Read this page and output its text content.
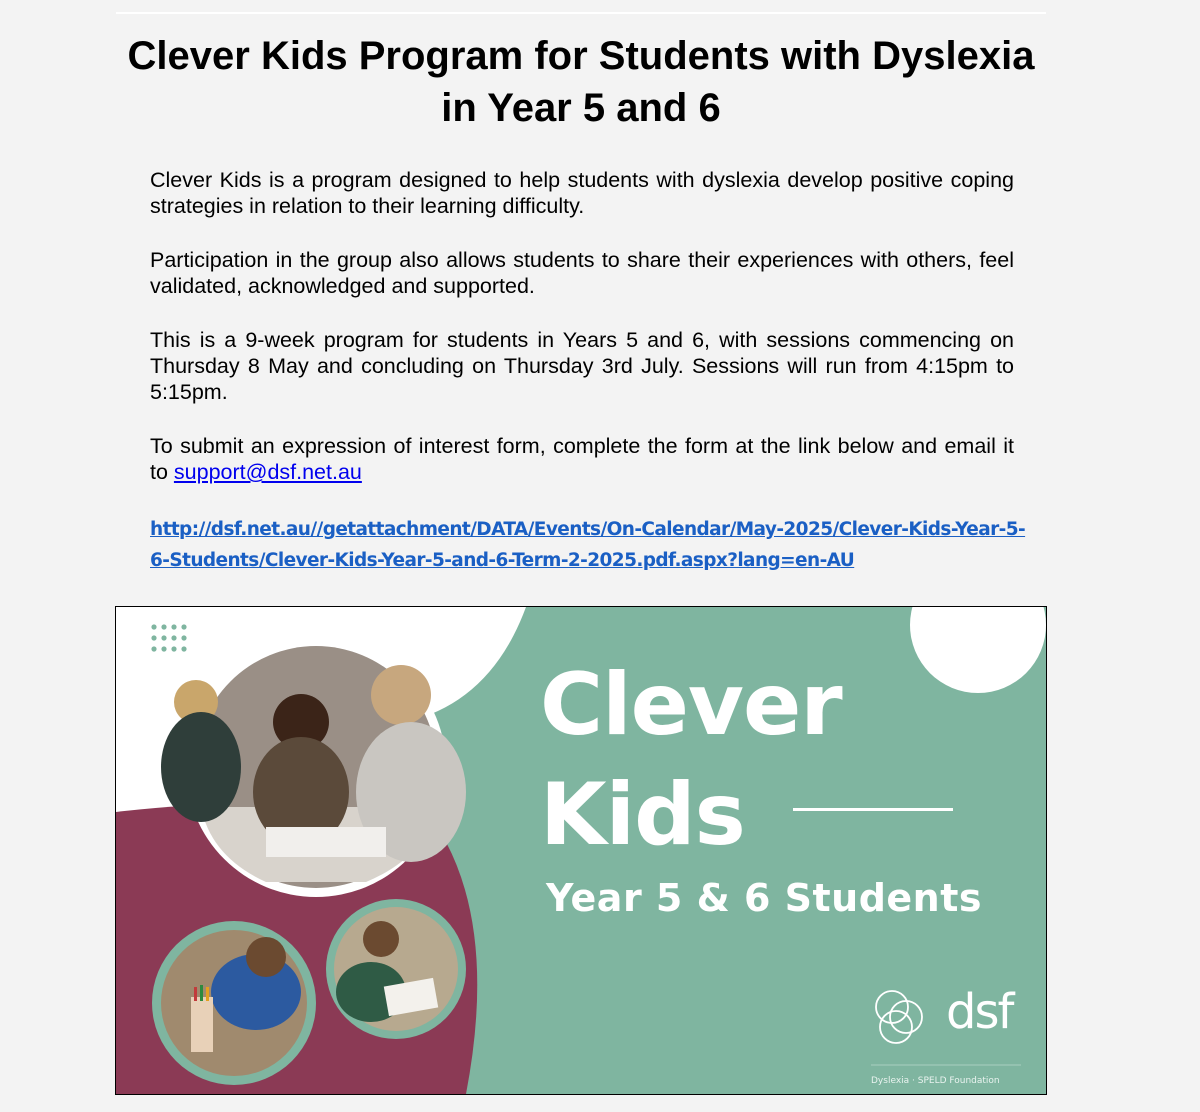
Clever Kids Program for Students with Dyslexia in Year 5 and 6

Clever Kids is a program designed to help students with dyslexia develop positive coping strategies in relation to their learning difficulty.

Participation in the group also allows students to share their experiences with others, feel validated, acknowledged and supported.

This is a 9-week program for students in Years 5 and 6, with sessions commencing on Thursday 8 May and concluding on Thursday 3rd July. Sessions will run from 4:15pm to 5:15pm.

To submit an expression of interest form, complete the form at the link below and email it to support@dsf.net.au

http://dsf.net.au//getattachment/DATA/Events/On-Calendar/May-2025/Clever-Kids-Year-5-6-Students/Clever-Kids-Year-5-and-6-Term-2-2025.pdf.aspx?lang=en-AU
Clever
Kids
Year 5 & 6 Students
dsf
Dyslexia · SPELD Foundation
